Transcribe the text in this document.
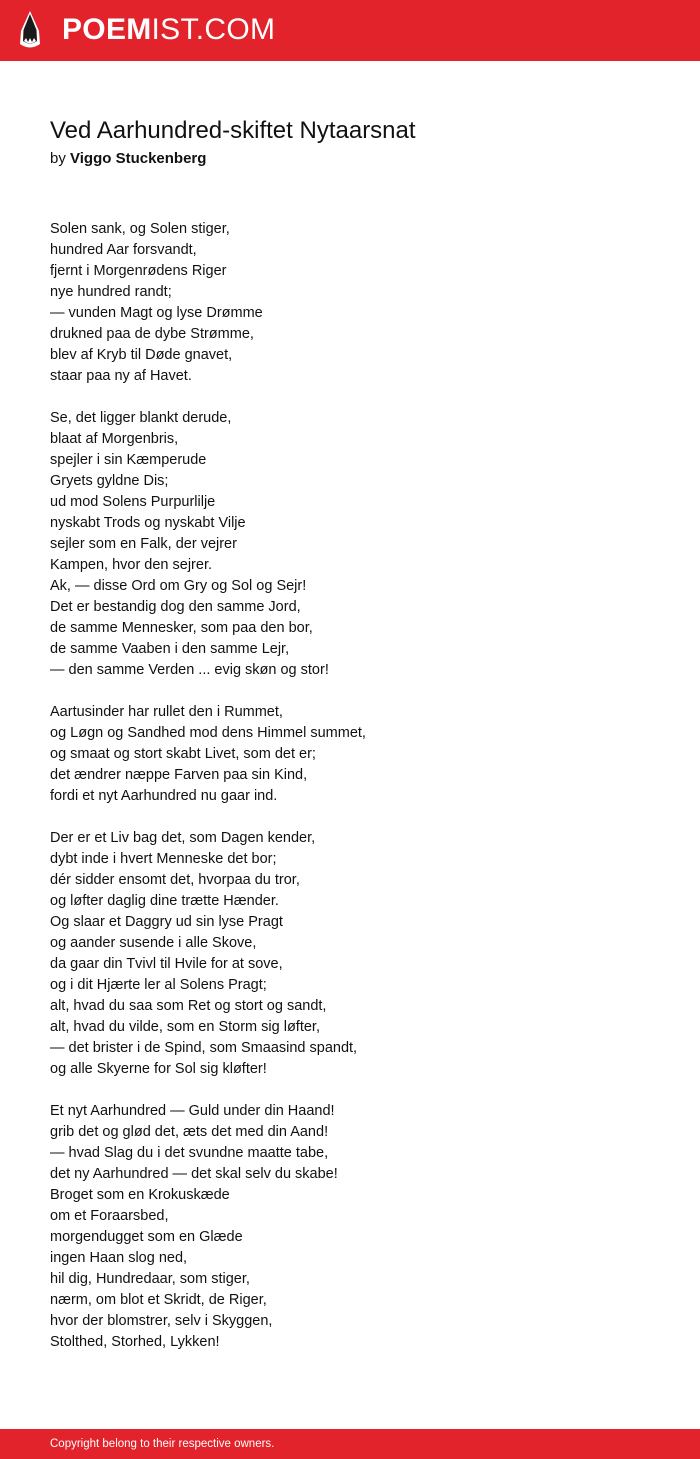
POEMIST.COM
Ved Aarhundred-skiftet Nytaarsnat
by Viggo Stuckenberg
Solen sank, og Solen stiger,
hundred Aar forsvandt,
fjernt i Morgenrødens Riger
nye hundred randt;
— vunden Magt og lyse Drømme
drukned paa de dybe Strømme,
blev af Kryb til Døde gnavet,
staar paa ny af Havet.
Se, det ligger blankt derude,
blaat af Morgenbris,
spejler i sin Kæmperude
Gryets gyldne Dis;
ud mod Solens Purpurlilje
nyskabt Trods og nyskabt Vilje
sejler som en Falk, der vejrer
Kampen, hvor den sejrer.
Ak, — disse Ord om Gry og Sol og Sejr!
Det er bestandig dog den samme Jord,
de samme Mennesker, som paa den bor,
de samme Vaaben i den samme Lejr,
— den samme Verden ... evig skøn og stor!
Aartusinder har rullet den i Rummet,
og Løgn og Sandhed mod dens Himmel summet,
og smaat og stort skabt Livet, som det er;
det ændrer næppe Farven paa sin Kind,
fordi et nyt Aarhundred nu gaar ind.
Der er et Liv bag det, som Dagen kender,
dybt inde i hvert Menneske det bor;
dér sidder ensomt det, hvorpaa du tror,
og løfter daglig dine trætte Hænder.
Og slaar et Daggry ud sin lyse Pragt
og aander susende i alle Skove,
da gaar din Tvivl til Hvile for at sove,
og i dit Hjærte ler al Solens Pragt;
alt, hvad du saa som Ret og stort og sandt,
alt, hvad du vilde, som en Storm sig løfter,
— det brister i de Spind, som Smaasind spandt,
og alle Skyerne for Sol sig kløfter!
Et nyt Aarhundred — Guld under din Haand!
grib det og glød det, æts det med din Aand!
— hvad Slag du i det svundne maatte tabe,
det ny Aarhundred — det skal selv du skabe!
Broget som en Krokuskæde
om et Foraarsbed,
morgendugget som en Glæde
ingen Haan slog ned,
hil dig, Hundredaar, som stiger,
nærm, om blot et Skridt, de Riger,
hvor der blomstrer, selv i Skyggen,
Stolthed, Storhed, Lykken!
Copyright belong to their respective owners.
